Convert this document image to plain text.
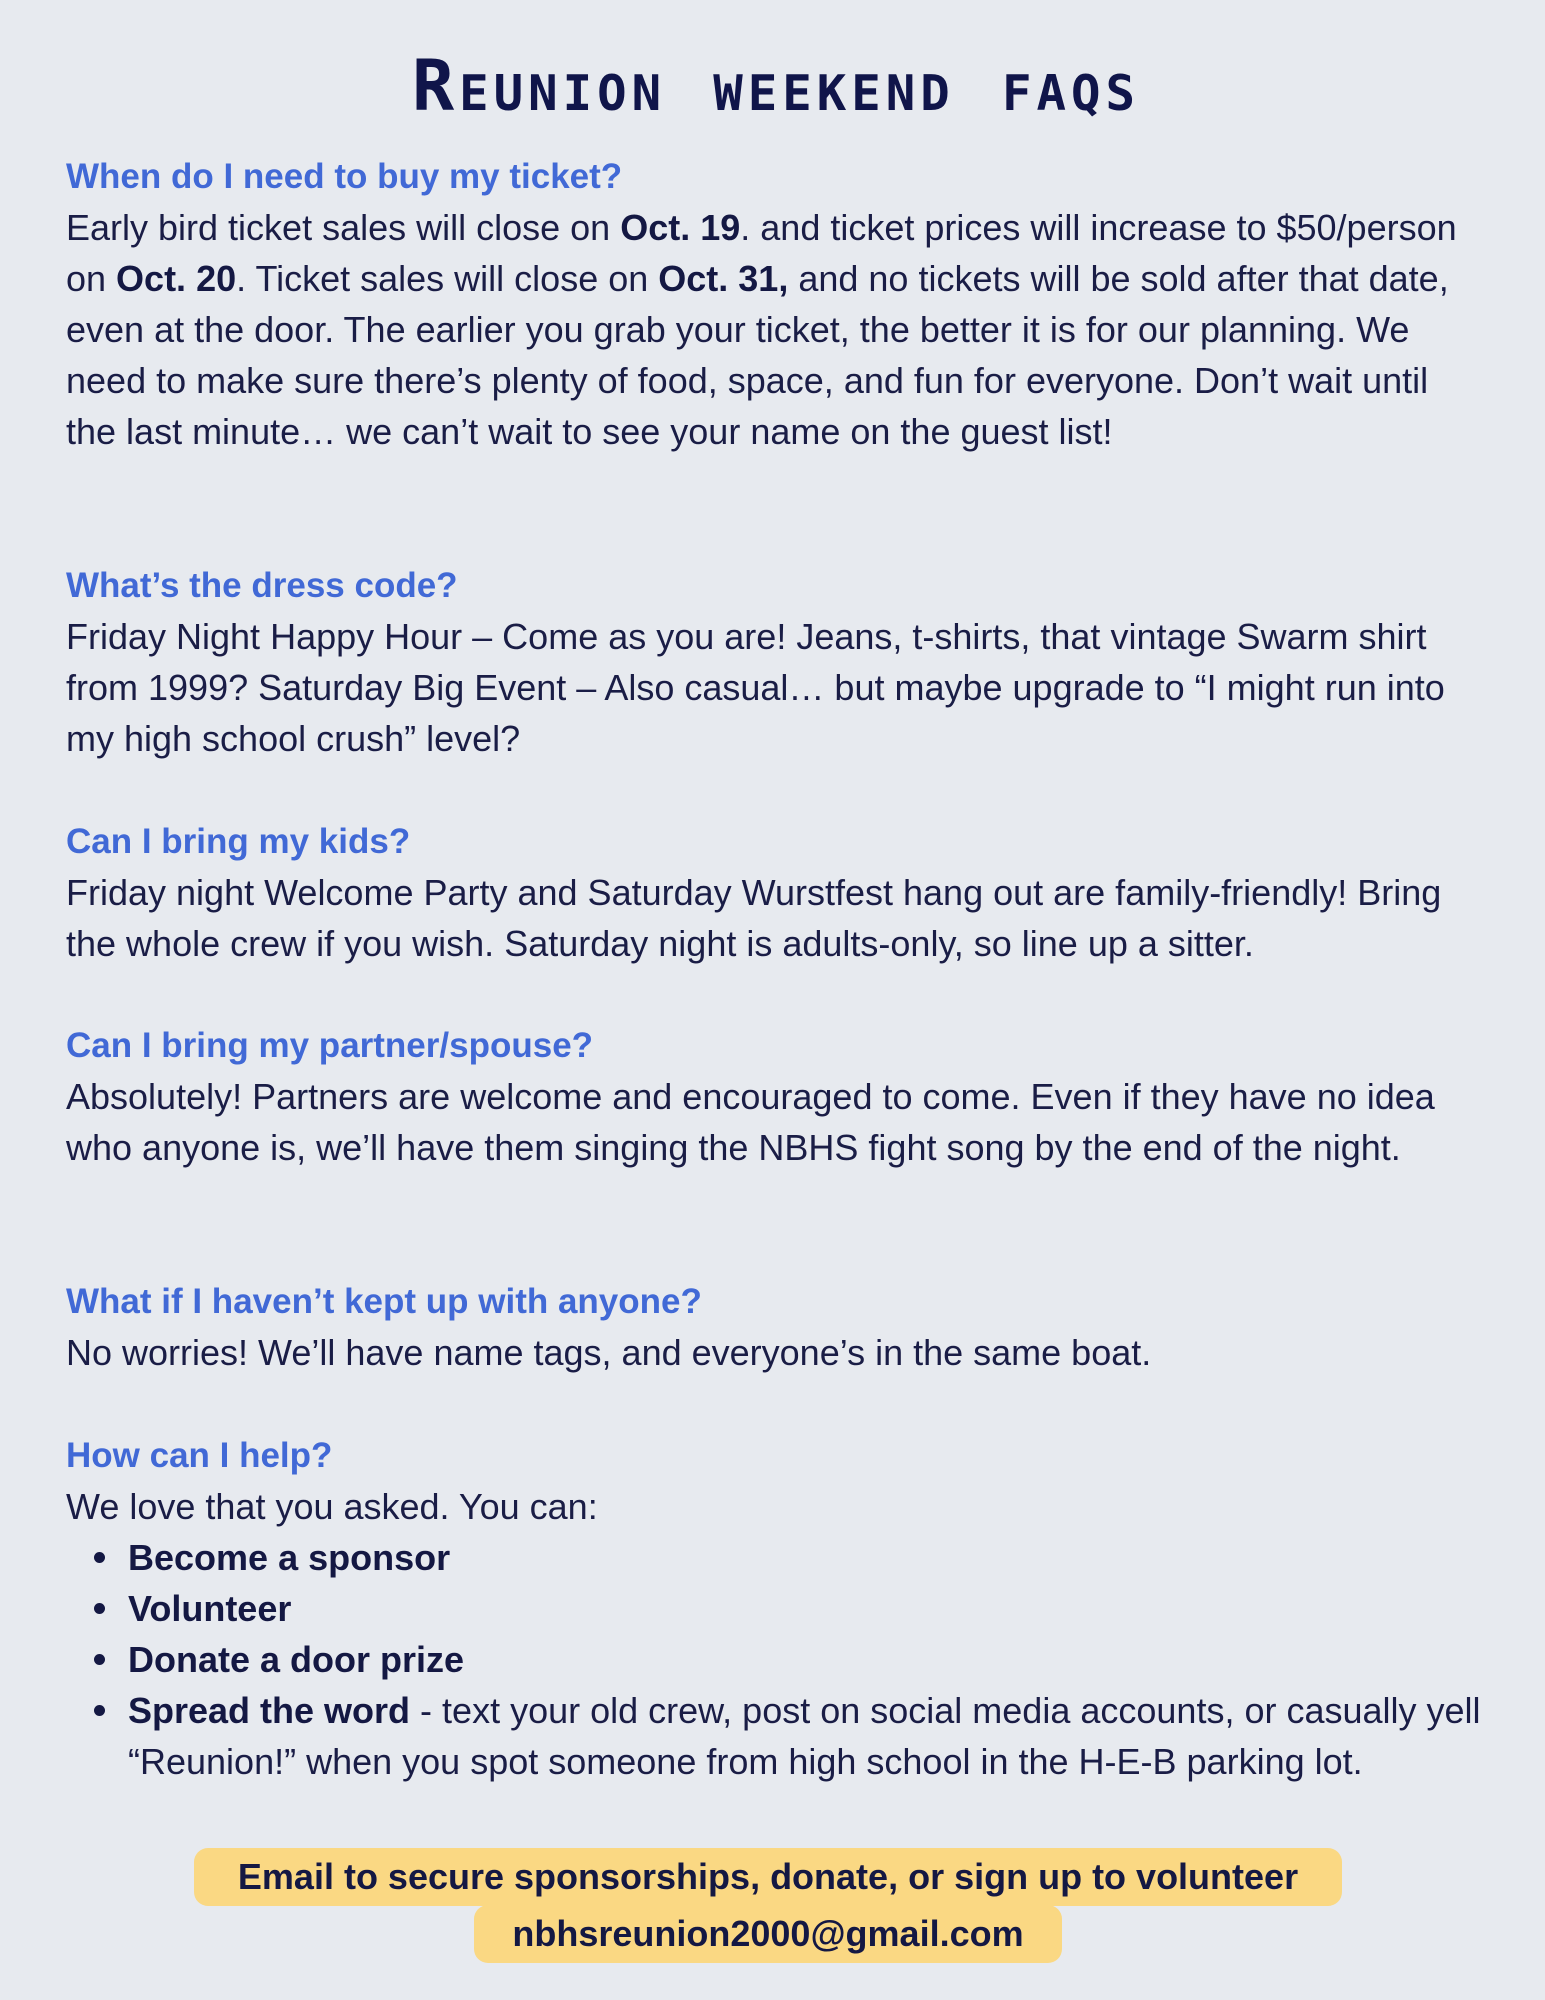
Reunion weekend faqs

When do I need to buy my ticket?

Early bird ticket sales will close on Oct. 19. and ticket prices will increase to $50/person on Oct. 20. Ticket sales will close on Oct. 31, and no tickets will be sold after that date, even at the door. The earlier you grab your ticket, the better it is for our planning. We need to make sure there’s plenty of food, space, and fun for everyone. Don’t wait until the last minute… we can’t wait to see your name on the guest list!

What’s the dress code?

Friday Night Happy Hour – Come as you are! Jeans, t-shirts, that vintage Swarm shirt from 1999? Saturday Big Event – Also casual… but maybe upgrade to “I might run into my high school crush” level?

Can I bring my kids?

Friday night Welcome Party and Saturday Wurstfest hang out are family-friendly! Bring the whole crew if you wish. Saturday night is adults-only, so line up a sitter.

Can I bring my partner/spouse?

Absolutely! Partners are welcome and encouraged to come. Even if they have no idea who anyone is, we’ll have them singing the NBHS fight song by the end of the night.

What if I haven’t kept up with anyone?

No worries! We’ll have name tags, and everyone’s in the same boat.

How can I help?

We love that you asked. You can:

Become a sponsor
Volunteer
Donate a door prize
Spread the word - text your old crew, post on social media accounts, or casually yell “Reunion!” when you spot someone from high school in the H-E-B parking lot.
Email to secure sponsorships, donate, or sign up to volunteer
nbhsreunion2000@gmail.com
